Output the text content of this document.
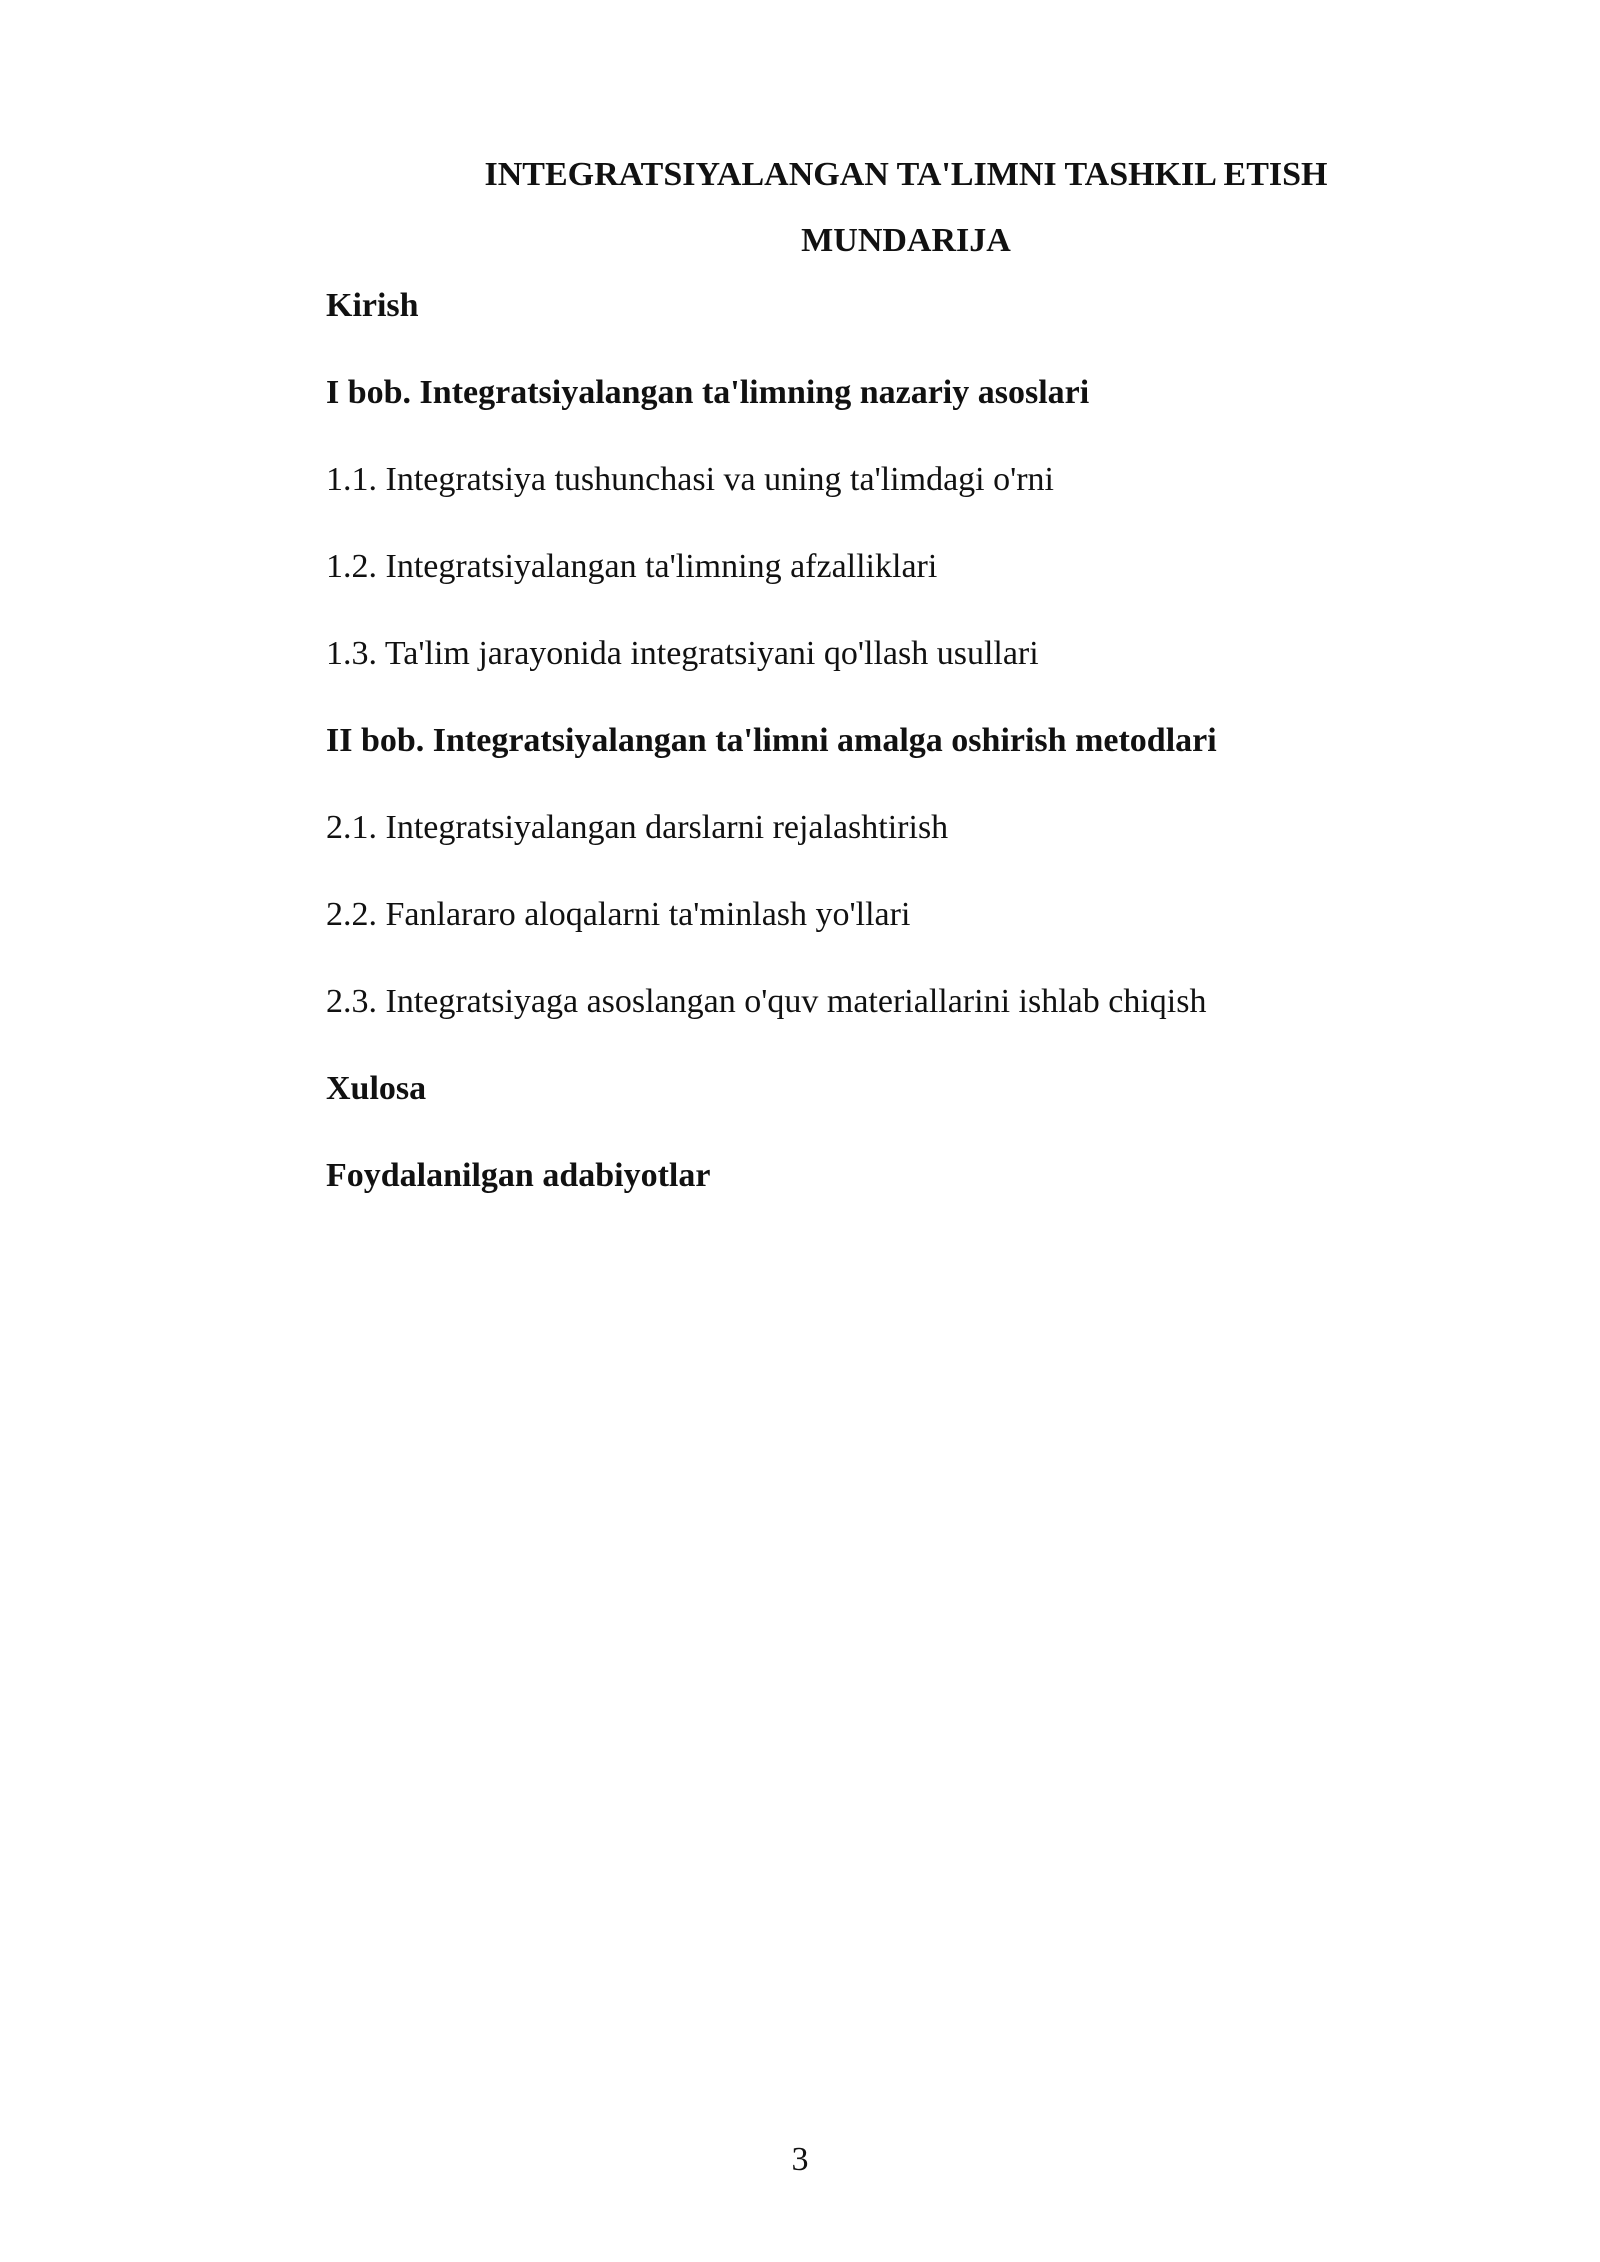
INTEGRATSIYALANGAN TA'LIMNI TASHKIL ETISH
MUNDARIJA
Kirish
I bob. Integratsiyalangan ta'limning nazariy asoslari
1.1. Integratsiya tushunchasi va uning ta'limdagi o'rni
1.2. Integratsiyalangan ta'limning afzalliklari
1.3. Ta'lim jarayonida integratsiyani qo'llash usullari
II bob. Integratsiyalangan ta'limni amalga oshirish metodlari
2.1. Integratsiyalangan darslarni rejalashtirish
2.2. Fanlararo aloqalarni ta'minlash yo'llari
2.3. Integratsiyaga asoslangan o'quv materiallarini ishlab chiqish
Xulosa
Foydalanilgan adabiyotlar

3
